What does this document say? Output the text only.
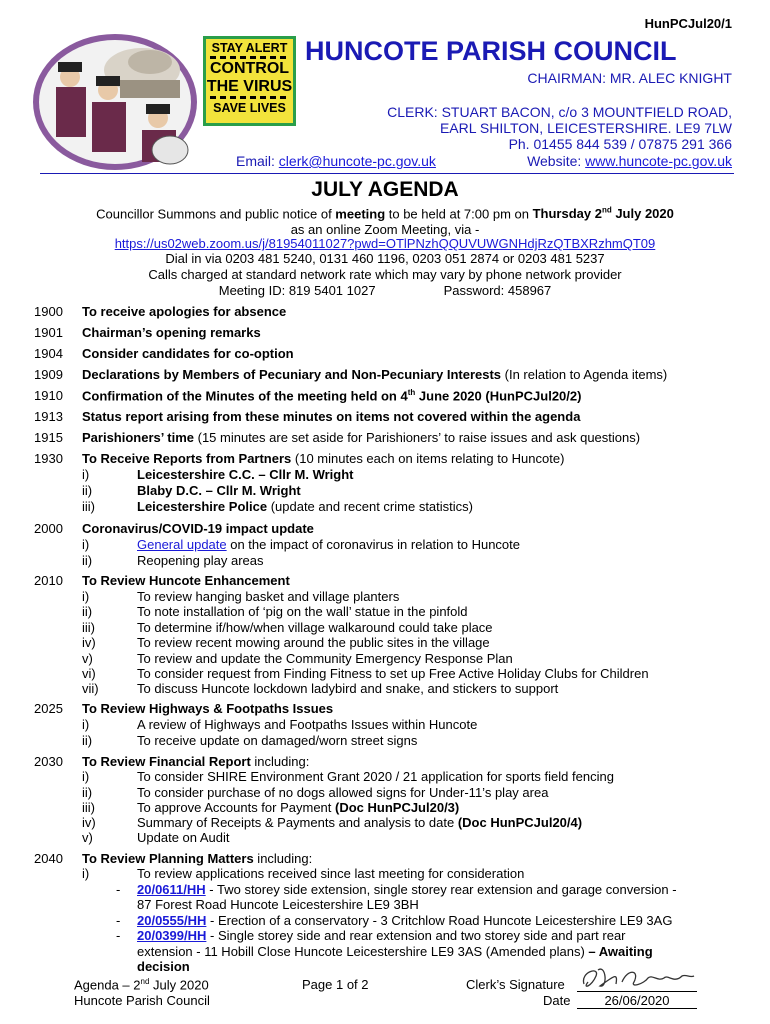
STAY ALERT
CONTROL
THE VIRUS
SAVE LIVES
HunPCJul20/1
HUNCOTE PARISH COUNCIL
CHAIRMAN: MR. ALEC KNIGHT
CLERK: STUART BACON, c/o 3 MOUNTFIELD ROAD,
EARL SHILTON, LEICESTERSHIRE. LE9 7LW
Ph. 01455 844 539 / 07875 291 366
Email: clerk@huncote-pc.gov.uk	Website: www.huncote-pc.gov.uk
JULY AGENDA
Councillor Summons and public notice of meeting to be held at 7:00 pm on Thursday 2nd July 2020
as an online Zoom Meeting, via -
https://us02web.zoom.us/j/81954011027?pwd=OTlPNzhQQUVUWGNHdjRzQTBXRzhmQT09
Dial in via 0203 481 5240, 0131 460 1196, 0203 051 2874 or 0203 481 5237
Calls charged at standard network rate which may vary by phone network provider
Meeting ID: 819 5401 1027	Password: 458967
1900 To receive apologies for absence
1901 Chairman’s opening remarks
1904 Consider candidates for co-option
1909 Declarations by Members of Pecuniary and Non-Pecuniary Interests (In relation to Agenda items)
1910 Confirmation of the Minutes of the meeting held on 4th June 2020 (HunPCJul20/2)
1913 Status report arising from these minutes on items not covered within the agenda
1915 Parishioners’ time (15 minutes are set aside for Parishioners’ to raise issues and ask questions)
1930 To Receive Reports from Partners (10 minutes each on items relating to Huncote)
i)	Leicestershire C.C. – Cllr M. Wright
ii)	Blaby D.C. – Cllr M. Wright
iii)	Leicestershire Police (update and recent crime statistics)
2000 Coronavirus/COVID-19 impact update
i)	General update on the impact of coronavirus in relation to Huncote
ii)	Reopening play areas
2010 To Review Huncote Enhancement
i)	To review hanging basket and village planters
ii)	To note installation of ‘pig on the wall’ statue in the pinfold
iii)	To determine if/how/when village walkaround could take place
iv)	To review recent mowing around the public sites in the village
v)	To review and update the Community Emergency Response Plan
vi)	To consider request from Finding Fitness to set up Free Active Holiday Clubs for Children
vii)	To discuss Huncote lockdown ladybird and snake, and stickers to support
2025 To Review Highways & Footpaths Issues
i)	A review of Highways and Footpaths Issues within Huncote
ii)	To receive update on damaged/worn street signs
2030 To Review Financial Report including:
i)	To consider SHIRE Environment Grant 2020 / 21 application for sports field fencing
ii)	To consider purchase of no dogs allowed signs for Under-11’s play area
iii)	To approve Accounts for Payment (Doc HunPCJul20/3)
iv)	Summary of Receipts & Payments and analysis to date (Doc HunPCJul20/4)
v)	Update on Audit
2040 To Review Planning Matters including:
i)	To review applications received since last meeting for consideration
- 20/0611/HH - Two storey side extension, single storey rear extension and garage conversion -
87 Forest Road Huncote Leicestershire LE9 3BH
- 20/0555/HH - Erection of a conservatory - 3 Critchlow Road Huncote Leicestershire LE9 3AG
- 20/0399/HH - Single storey side and rear extension and two storey side and part rear
extension - 11 Hobill Close Huncote Leicestershire LE9 3AS (Amended plans) – Awaiting
decision
Agenda – 2nd July 2020
Huncote Parish Council
Page 1 of 2	Clerk’s Signature
Date	26/06/2020
